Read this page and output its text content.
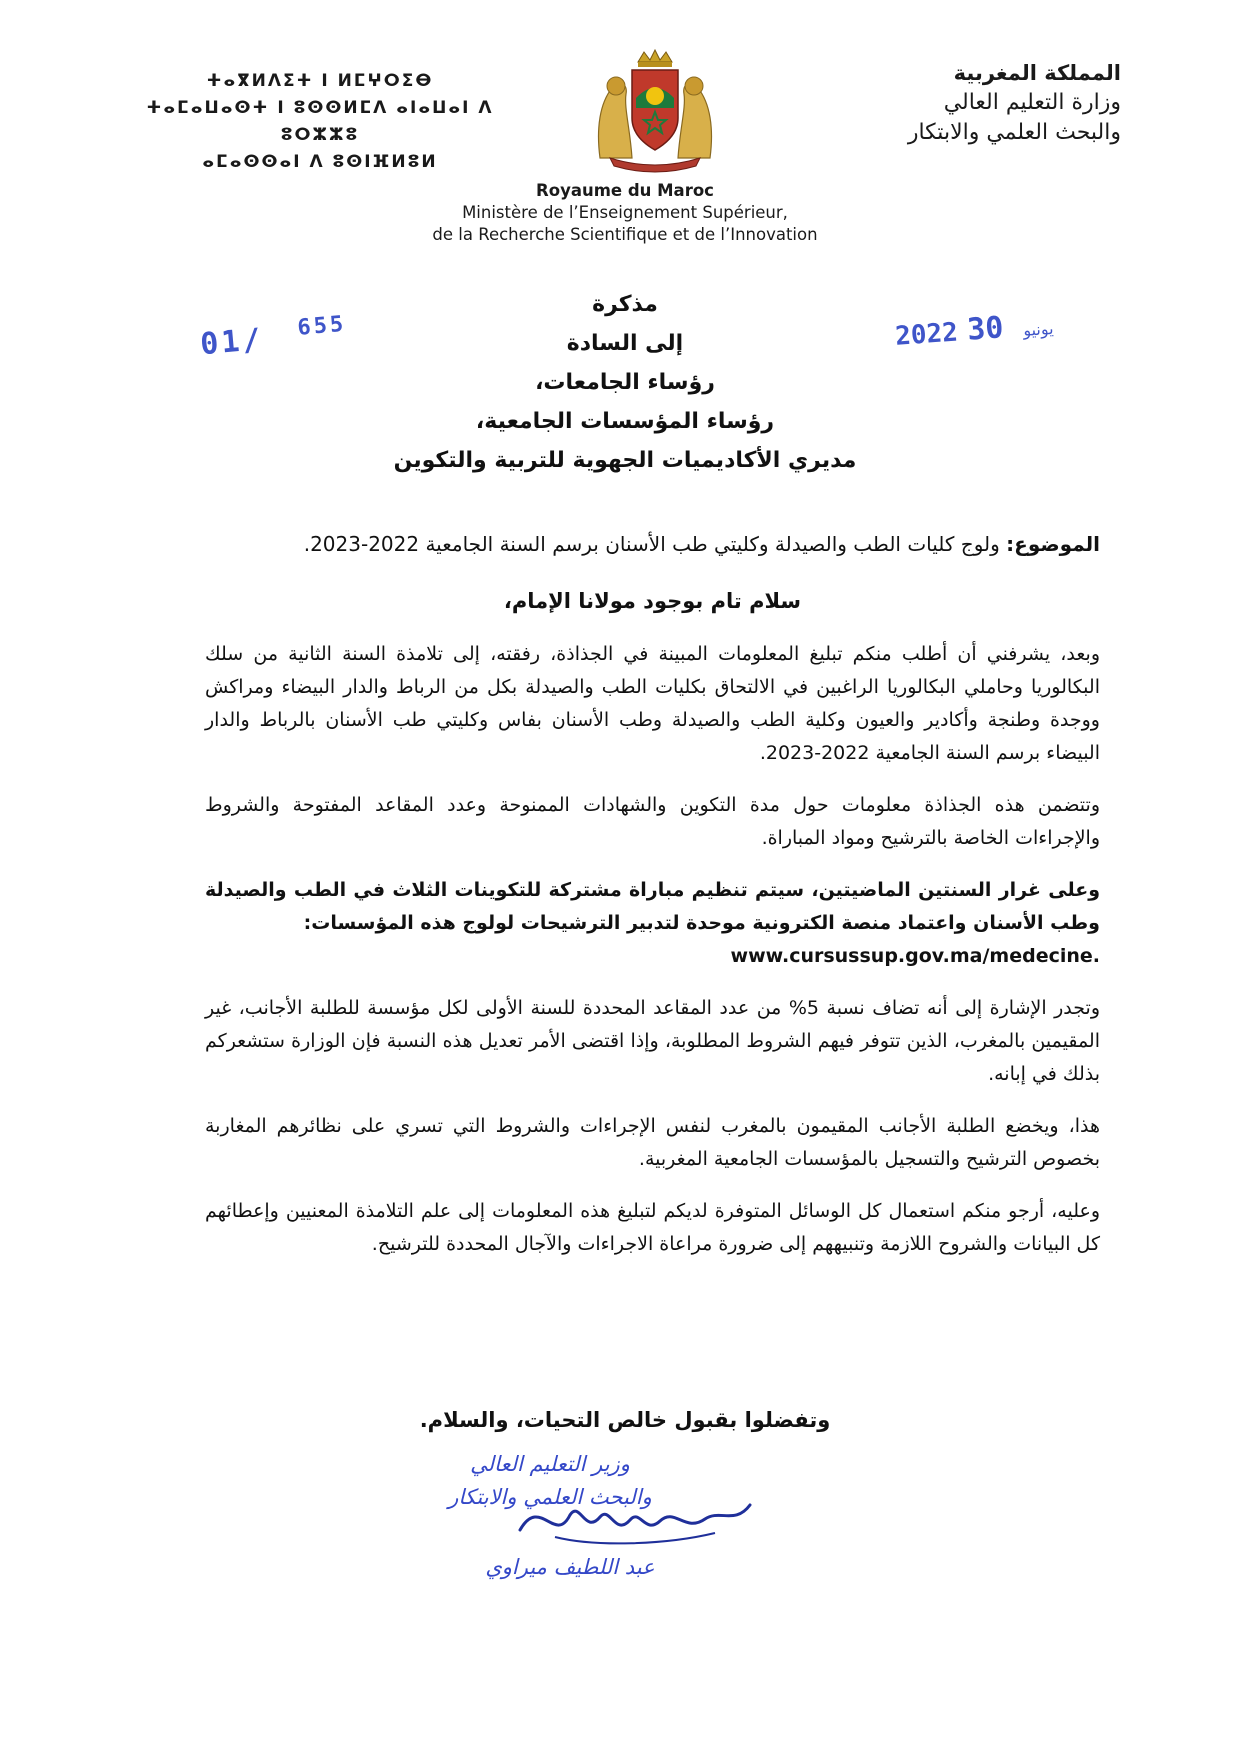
المملكة المغربية
وزارة التعليم العالي
والبحث العلمي والابتكار
ⵜⴰⴳⵍⴷⵉⵜ ⵏ ⵍⵎⵖⵔⵉⴱ
ⵜⴰⵎⴰⵡⴰⵙⵜ ⵏ ⵓⵙⵙⵍⵎⴷ ⴰⵏⴰⵡⴰⵏ ⴷ ⵓⵔⵣⵣⵓ
ⴰⵎⴰⵙⵙⴰⵏ ⴷ ⵓⵙⵏⴼⵍⵓⵍ
Royaume du Maroc
Ministère de l’Enseignement Supérieur,
de la Recherche Scientifique et de l’Innovation
01/ $^{655}$	2022	يونيو 30
مذكرة
إلى السادة
رؤساء الجامعات،
رؤساء المؤسسات الجامعية،
مديري الأكاديميات الجهوية للتربية والتكوين

الموضوع: ولوج كليات الطب والصيدلة وكليتي طب الأسنان برسم السنة الجامعية 2022-2023.

سلام تام بوجود مولانا الإمام،

وبعد، يشرفني أن أطلب منكم تبليغ المعلومات المبينة في الجذاذة، رفقته، إلى تلامذة السنة الثانية من سلك البكالوريا وحاملي البكالوريا الراغبين في الالتحاق بكليات الطب والصيدلة بكل من الرباط والدار البيضاء ومراكش ووجدة وطنجة وأكادير والعيون وكلية الطب والصيدلة وطب الأسنان بفاس وكليتي طب الأسنان بالرباط والدار البيضاء برسم السنة الجامعية 2022-2023.

وتتضمن هذه الجذاذة معلومات حول مدة التكوين والشهادات الممنوحة وعدد المقاعد المفتوحة والشروط والإجراءات الخاصة بالترشيح ومواد المباراة.

وعلى غرار السنتين الماضيتين، سيتم تنظيم مباراة مشتركة للتكوينات الثلاث في الطب والصيدلة وطب الأسنان واعتماد منصة الكترونية موحدة لتدبير الترشيحات لولوج هذه المؤسسات:

www.cursussup.gov.ma/medecine.

وتجدر الإشارة إلى أنه تضاف نسبة 5% من عدد المقاعد المحددة للسنة الأولى لكل مؤسسة للطلبة الأجانب، غير المقيمين بالمغرب، الذين تتوفر فيهم الشروط المطلوبة، وإذا اقتضى الأمر تعديل هذه النسبة فإن الوزارة ستشعركم بذلك في إبانه.

هذا، ويخضع الطلبة الأجانب المقيمون بالمغرب لنفس الإجراءات والشروط التي تسري على نظائرهم المغاربة بخصوص الترشيح والتسجيل بالمؤسسات الجامعية المغربية.

وعليه، أرجو منكم استعمال كل الوسائل المتوفرة لديكم لتبليغ هذه المعلومات إلى علم التلامذة المعنيين وإعطائهم كل البيانات والشروح اللازمة وتنبيههم إلى ضرورة مراعاة الاجراءات والآجال المحددة للترشيح.

وتفضلوا بقبول خالص التحيات، والسلام.
وزير التعليم العالي
والبحث العلمي والابتكار
عبد اللطيف ميراوي
